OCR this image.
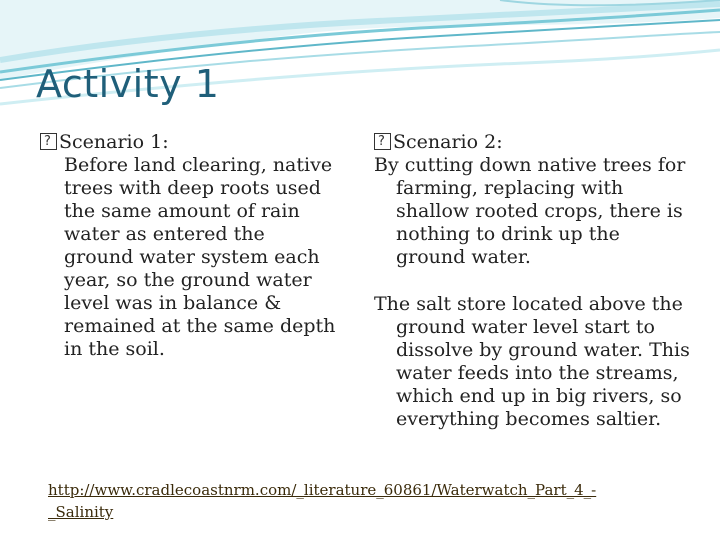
Activity 1
?Scenario 1:
Before land clearing, native trees with deep roots used the same amount of rain water as entered the ground water system each year, so the ground water level was in balance & remained at the same depth in the soil.
?Scenario 2:
By cutting down native trees for farming, replacing with shallow rooted crops, there is nothing to drink up the ground water.
The salt store located above the ground water level start to dissolve by ground water. This water feeds into the streams, which end up in big rivers, so everything becomes saltier.
http://www.cradlecoastnrm.com/_literature_60861/Waterwatch_Part_4_-_Salinity
